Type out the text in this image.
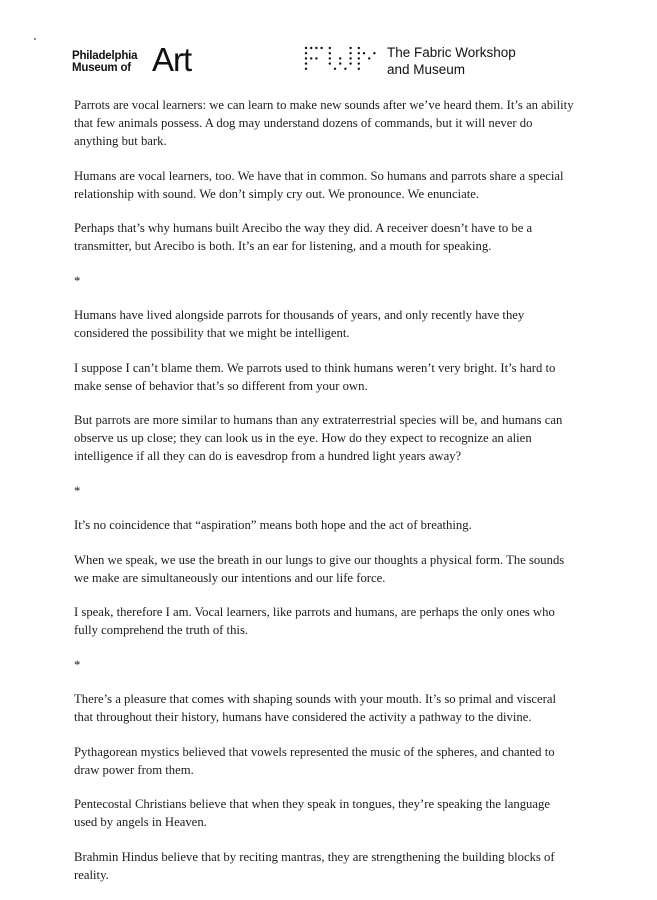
Philadelphia
Museum of Art	The Fabric Workshop
and Museum

Parrots are vocal learners: we can learn to make new sounds after we’ve heard them. It’s an ability that few animals possess. A dog may understand dozens of commands, but it will never do anything but bark.

Humans are vocal learners, too. We have that in common. So humans and parrots share a special relationship with sound. We don’t simply cry out. We pronounce. We enunciate.

Perhaps that’s why humans built Arecibo the way they did. A receiver doesn’t have to be a transmitter, but Arecibo is both. It’s an ear for listening, and a mouth for speaking.

*

Humans have lived alongside parrots for thousands of years, and only recently have they considered the possibility that we might be intelligent.

I suppose I can’t blame them. We parrots used to think humans weren’t very bright. It’s hard to make sense of behavior that’s so different from your own.

But parrots are more similar to humans than any extraterrestrial species will be, and humans can observe us up close; they can look us in the eye. How do they expect to recognize an alien intelligence if all they can do is eavesdrop from a hundred light years away?

*

It’s no coincidence that “aspiration” means both hope and the act of breathing.

When we speak, we use the breath in our lungs to give our thoughts a physical form. The sounds we make are simultaneously our intentions and our life force.

I speak, therefore I am. Vocal learners, like parrots and humans, are perhaps the only ones who fully comprehend the truth of this.

*

There’s a pleasure that comes with shaping sounds with your mouth. It’s so primal and visceral that throughout their history, humans have considered the activity a pathway to the divine.

Pythagorean mystics believed that vowels represented the music of the spheres, and chanted to draw power from them.

Pentecostal Christians believe that when they speak in tongues, they’re speaking the language used by angels in Heaven.

Brahmin Hindus believe that by reciting mantras, they are strengthening the building blocks of reality.
